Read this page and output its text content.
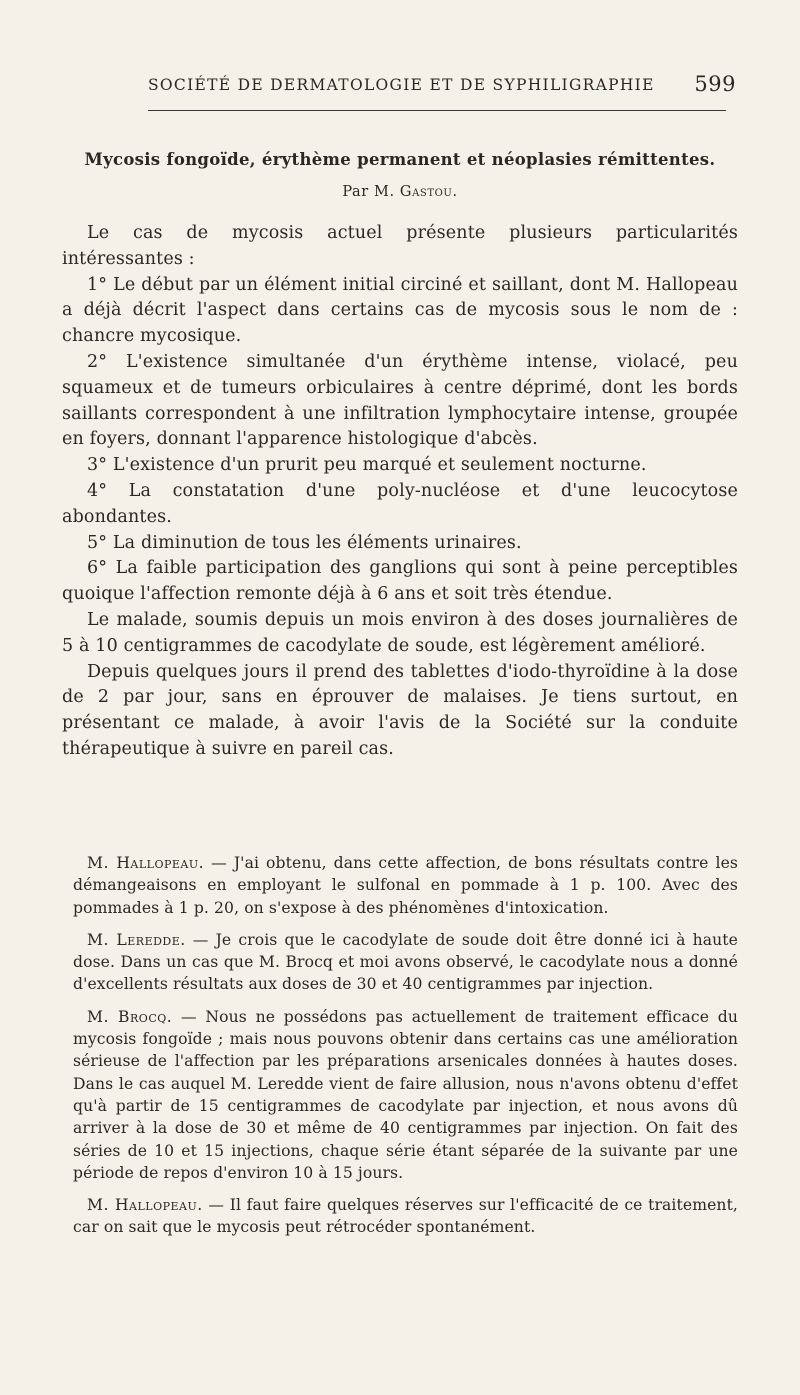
SOCIÉTÉ DE DERMATOLOGIE ET DE SYPHILIGRAPHIE 599
Mycosis fongoïde, érythème permanent et néoplasies rémittentes.
Par M. Gastou.

Le cas de mycosis actuel présente plusieurs particularités intéressantes :

1° Le début par un élément initial circiné et saillant, dont M. Hallopeau a déjà décrit l'aspect dans certains cas de mycosis sous le nom de : chancre mycosique.

2° L'existence simultanée d'un érythème intense, violacé, peu squameux et de tumeurs orbiculaires à centre déprimé, dont les bords saillants correspondent à une infiltration lymphocytaire intense, groupée en foyers, donnant l'apparence histologique d'abcès.

3° L'existence d'un prurit peu marqué et seulement nocturne.

4° La constatation d'une poly-nucléose et d'une leucocytose abondantes.

5° La diminution de tous les éléments urinaires.

6° La faible participation des ganglions qui sont à peine perceptibles quoique l'affection remonte déjà à 6 ans et soit très étendue.

Le malade, soumis depuis un mois environ à des doses journalières de 5 à 10 centigrammes de cacodylate de soude, est légèrement amélioré.

Depuis quelques jours il prend des tablettes d'iodo-thyroïdine à la dose de 2 par jour, sans en éprouver de malaises. Je tiens surtout, en présentant ce malade, à avoir l'avis de la Société sur la conduite thérapeutique à suivre en pareil cas.

M. Hallopeau. — J'ai obtenu, dans cette affection, de bons résultats contre les démangeaisons en employant le sulfonal en pommade à 1 p. 100. Avec des pommades à 1 p. 20, on s'expose à des phénomènes d'intoxication.

M. Leredde. — Je crois que le cacodylate de soude doit être donné ici à haute dose. Dans un cas que M. Brocq et moi avons observé, le cacodylate nous a donné d'excellents résultats aux doses de 30 et 40 centigrammes par injection.

M. Brocq. — Nous ne possédons pas actuellement de traitement efficace du mycosis fongoïde ; mais nous pouvons obtenir dans certains cas une amélioration sérieuse de l'affection par les préparations arsenicales données à hautes doses. Dans le cas auquel M. Leredde vient de faire allusion, nous n'avons obtenu d'effet qu'à partir de 15 centigrammes de cacodylate par injection, et nous avons dû arriver à la dose de 30 et même de 40 centigrammes par injection. On fait des séries de 10 et 15 injections, chaque série étant séparée de la suivante par une période de repos d'environ 10 à 15 jours.

M. Hallopeau. — Il faut faire quelques réserves sur l'efficacité de ce traitement, car on sait que le mycosis peut rétrocéder spontanément.
